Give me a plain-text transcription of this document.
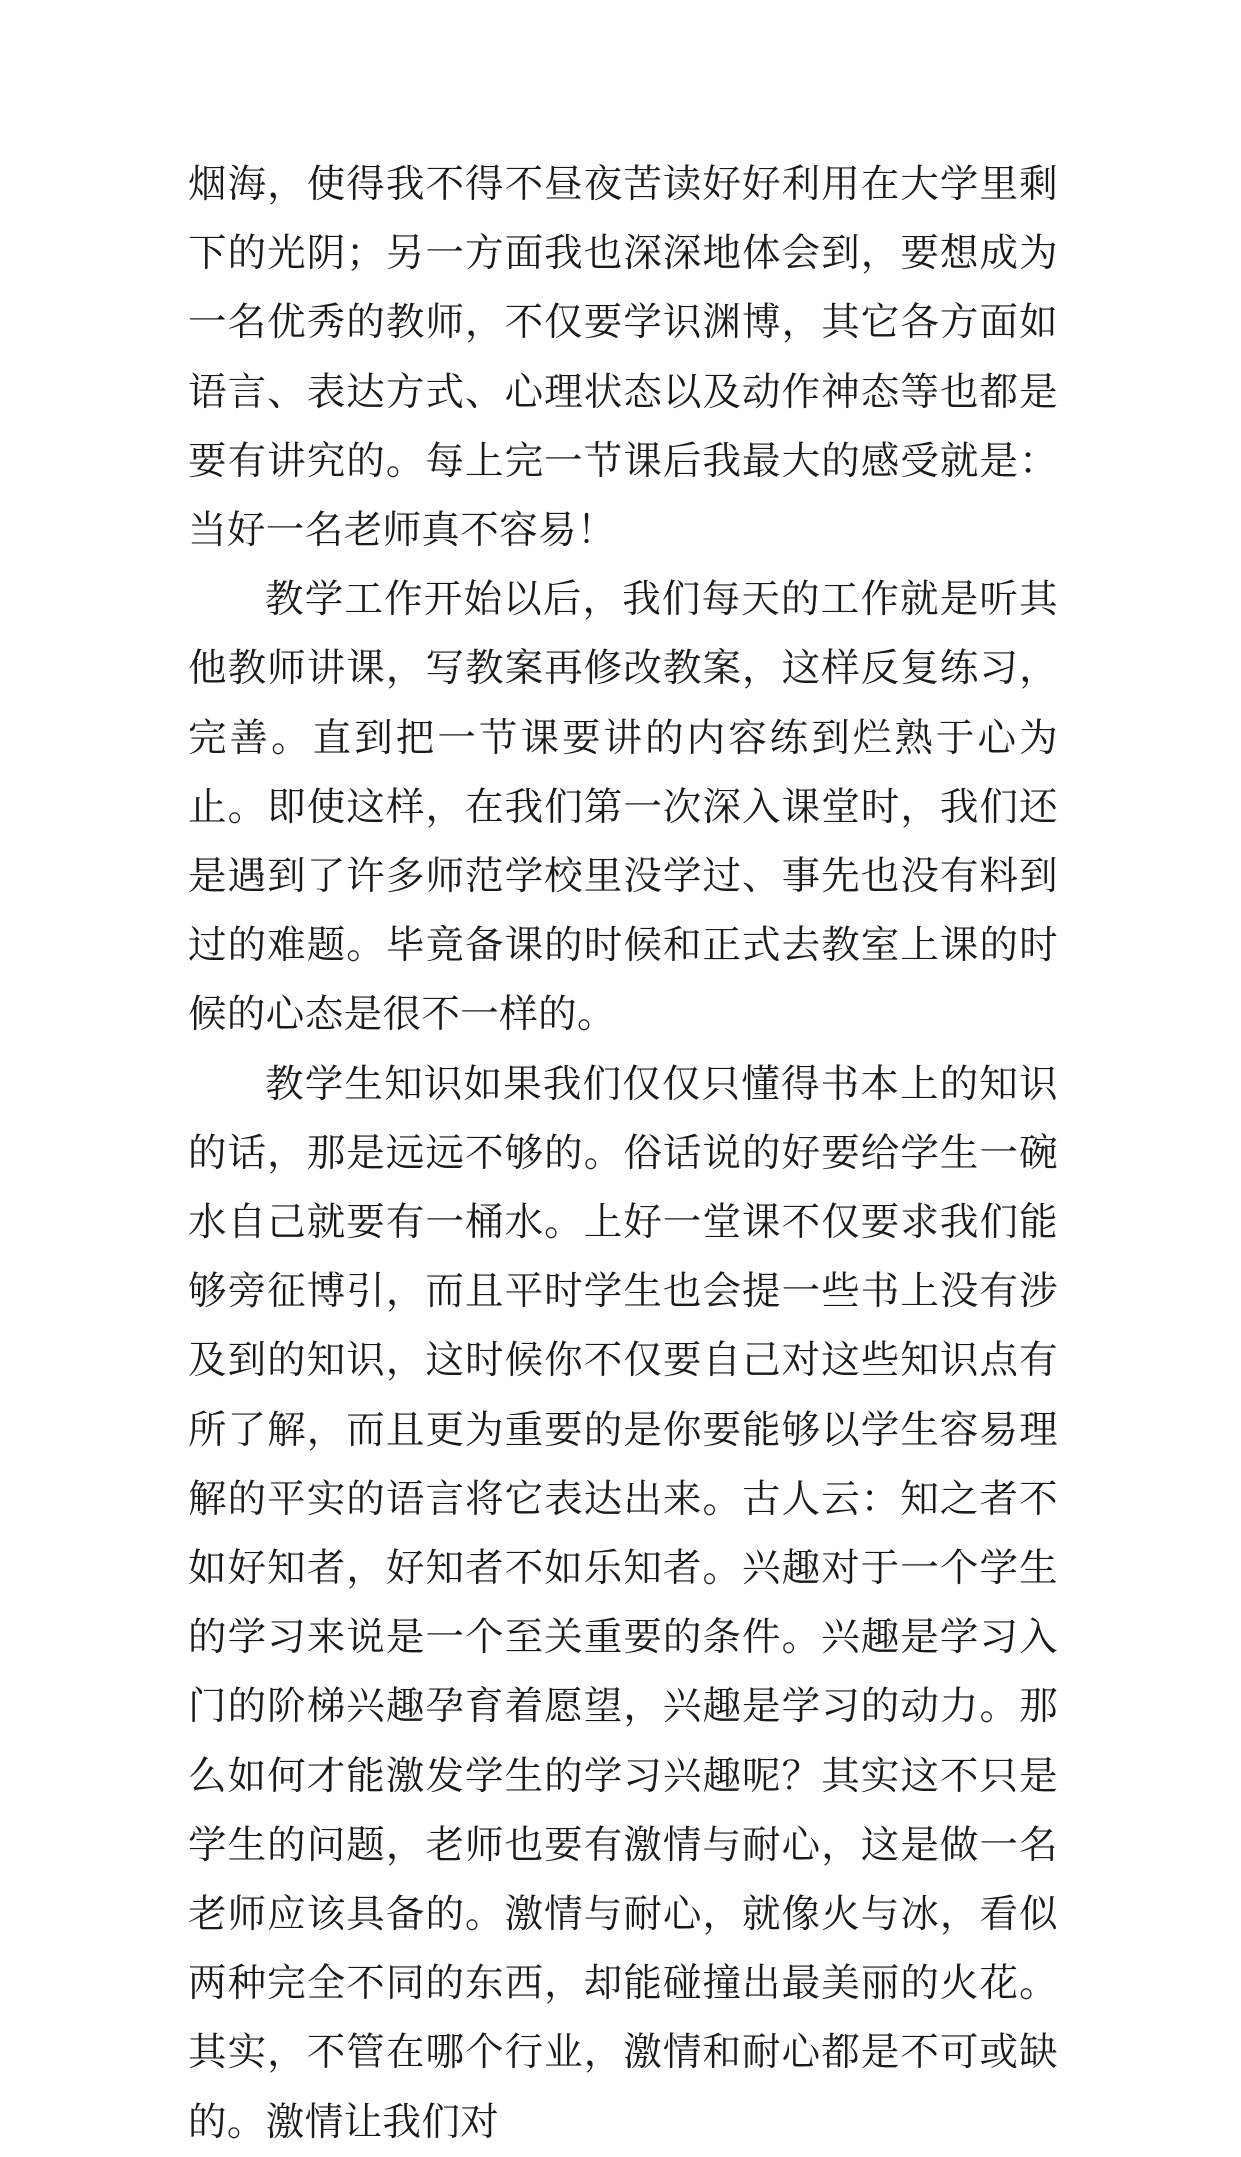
烟海，使得我不得不昼夜苦读好好利用在大学里剩下的光阴；另一方面我也深深地体会到，要想成为一名优秀的教师，不仅要学识渊博，其它各方面如语言、表达方式、心理状态以及动作神态等也都是要有讲究的。每上完一节课后我最大的感受就是：当好一名老师真不容易！

教学工作开始以后，我们每天的工作就是听其他教师讲课，写教案再修改教案，这样反复练习，完善。直到把一节课要讲的内容练到烂熟于心为止。即使这样，在我们第一次深入课堂时，我们还是遇到了许多师范学校里没学过、事先也没有料到过的难题。毕竟备课的时候和正式去教室上课的时候的心态是很不一样的。

教学生知识如果我们仅仅只懂得书本上的知识的话，那是远远不够的。俗话说的好要给学生一碗水自己就要有一桶水。上好一堂课不仅要求我们能够旁征博引，而且平时学生也会提一些书上没有涉及到的知识，这时候你不仅要自己对这些知识点有所了解，而且更为重要的是你要能够以学生容易理解的平实的语言将它表达出来。古人云：知之者不如好知者，好知者不如乐知者。兴趣对于一个学生的学习来说是一个至关重要的条件。兴趣是学习入门的阶梯兴趣孕育着愿望，兴趣是学习的动力。那么如何才能激发学生的学习兴趣呢？其实这不只是学生的问题，老师也要有激情与耐心，这是做一名老师应该具备的。激情与耐心，就像火与冰，看似两种完全不同的东西，却能碰撞出最美丽的火花。其实，不管在哪个行业，激情和耐心都是不可或缺的。激情让我们对
